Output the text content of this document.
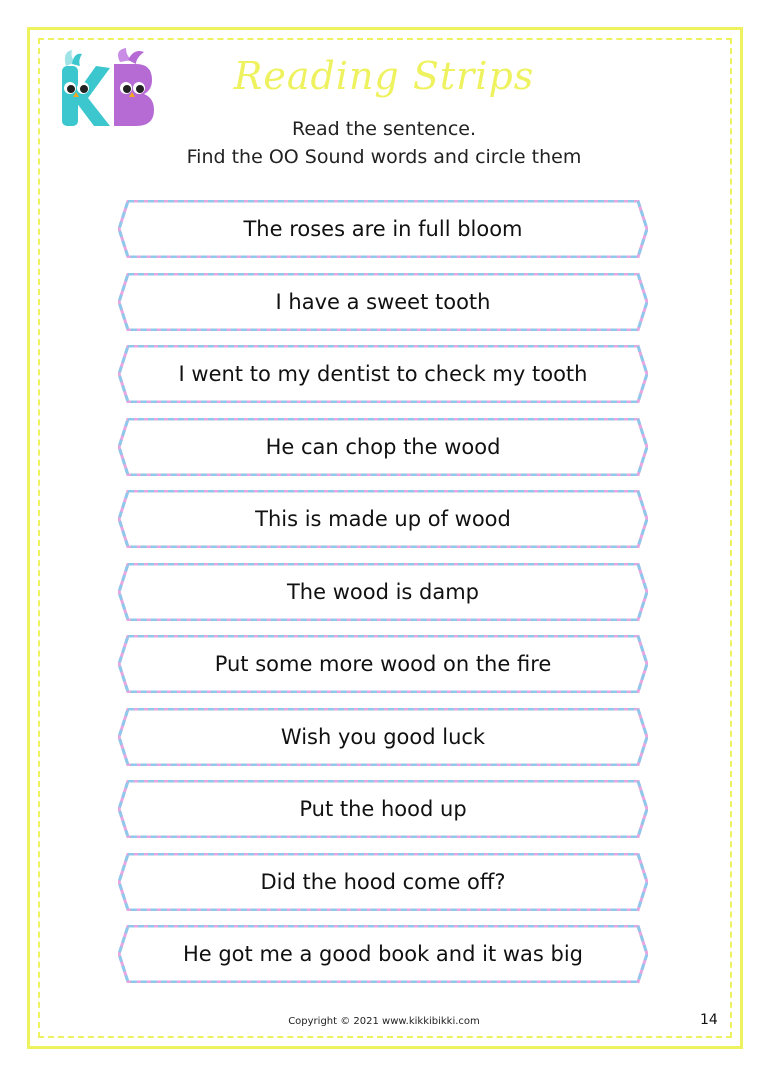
Reading Strips
Read the sentence.
Find the OO Sound words and circle them
The roses are in full bloom
I have a sweet tooth
I went to my dentist to check my tooth
He can chop the wood
This is made up of wood
The wood is damp
Put some more wood on the fire
Wish you good luck
Put the hood up
Did the hood come off?
He got me a good book and it was big
Copyright © 2021 www.kikkibikki.com	14
